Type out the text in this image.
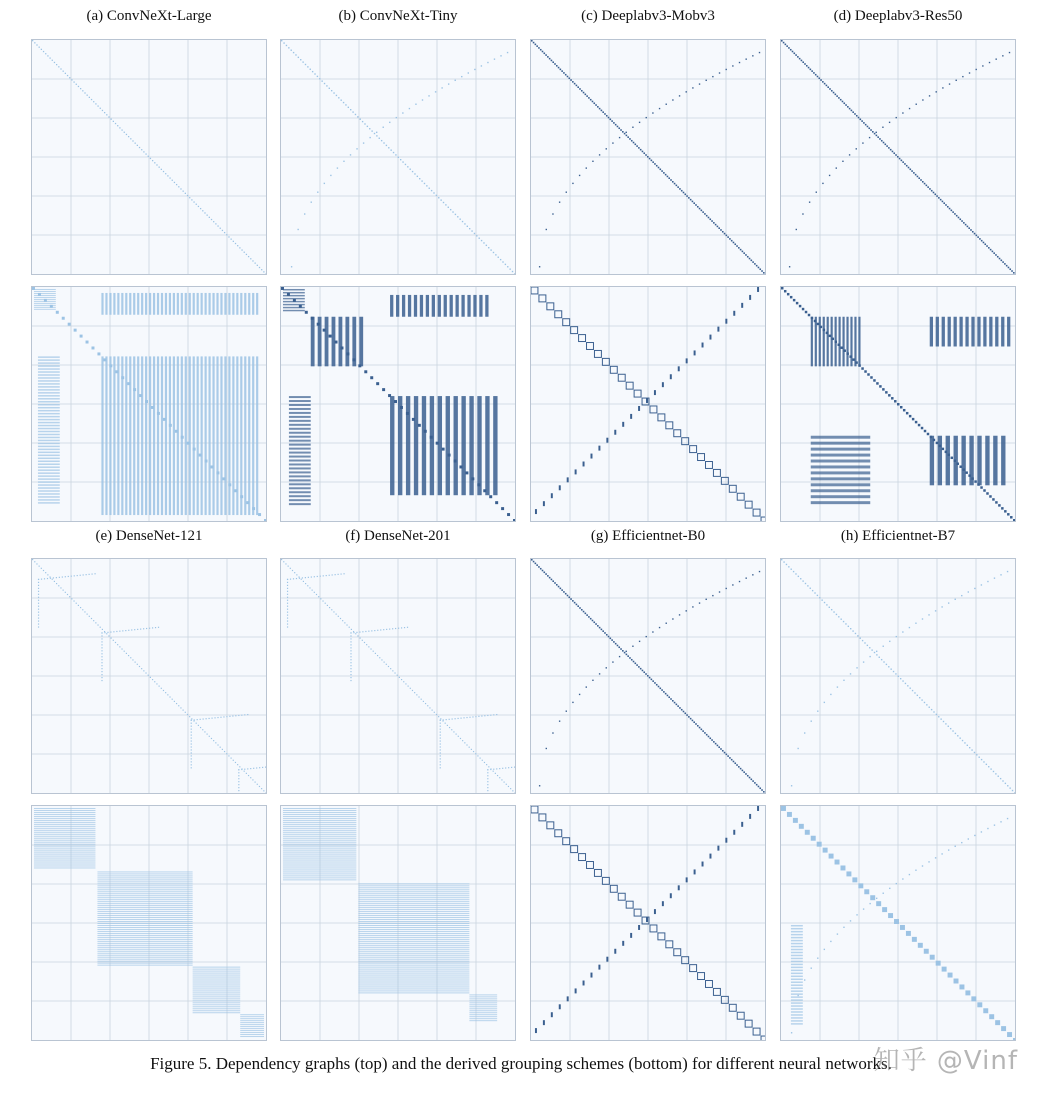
(a) ConvNeXt-Large	(b) ConvNeXt-Tiny	(c) Deeplabv3-Mobv3	(d) Deeplabv3-Res50
(e) DenseNet-121	(f) DenseNet-201	(g) Efficientnet-B0	(h) Efficientnet-B7
Figure 5. Dependency graphs (top) and the derived grouping schemes (bottom) for different neural networks.
知乎 @Vinf
